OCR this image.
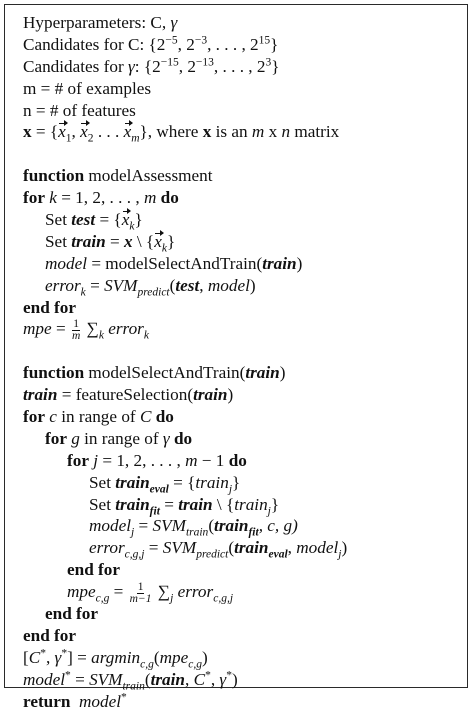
Hyperparameters: C, γ
Candidates for C: {$2^{-5}$, $2^{-3}$, . . . , $2^{15}$}
Candidates for γ: {$2^{-15}$, $2^{-13}$, . . . , $2^3$}
m = # of examples
n = # of features
$x = \{x_1$, $x_2$ . . . $x_m$}, where x is an m x n matrix
function modelAssessment
for k = 1, 2, . . . , m do
Set test = $\{x_k\}$
Set train = x \ $\{x_k\}$
model = modelSelectAndTrain(train)
error$_k$ = $SVM_{predict}(test$, model)
end for
mpe = $\frac{1}{m} \sum_k$ error$_k$
function modelSelectAndTrain(train)
train = featureSelection(train)
for c in range of C do
for g in range of γ do
for j = 1, 2, . . . , m − 1 do
Set train$_{eval}$ = {train$_j$}
Set train$_{fit}$ = train \ {train$_j$}
model$_j$ = $SVM_{train}(train_{fit}$, c, g)
error$_{c,g,j}$ = $SVM_{predict}(train_{eval}$, model$_j$)
end for
$mpe_{c,g} = \frac{1}{m-1} \sum_j$ error$_{c,g,j}$
end for
end for
[C*, γ*] = argmin$_{c,g}$(mpe$_{c,g}$)
model* = $SVM_{train}(train$, C*, γ*)
return  model*
